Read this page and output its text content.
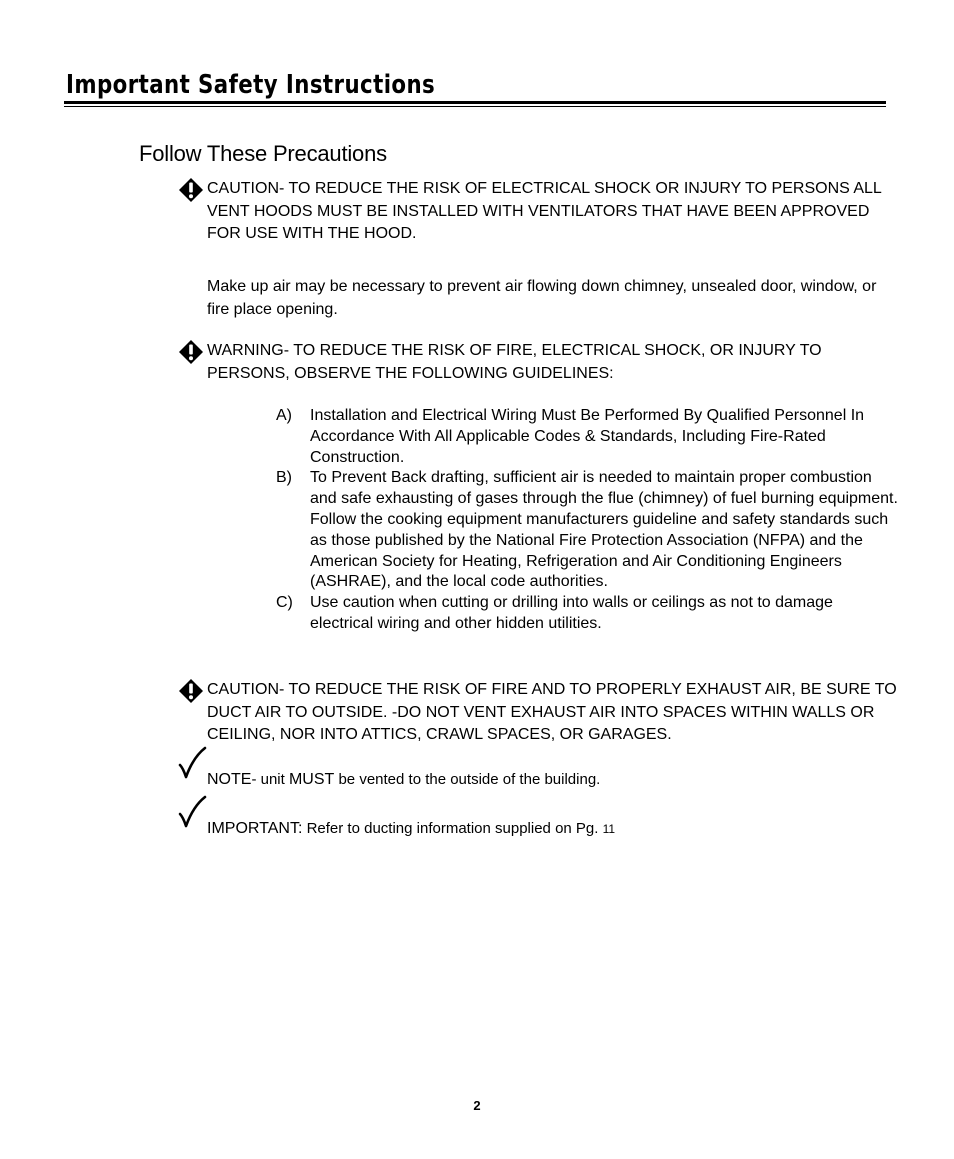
Important Safety Instructions
Follow These Precautions
CAUTION- TO REDUCE THE RISK OF ELECTRICAL SHOCK OR INJURY TO PERSONS ALL VENT HOODS MUST BE INSTALLED WITH VENTILATORS THAT HAVE BEEN APPROVED FOR USE WITH THE HOOD.
Make up air may be necessary to prevent air flowing down chimney, unsealed door, window, or fire place opening.
WARNING- TO REDUCE THE RISK OF FIRE, ELECTRICAL SHOCK, OR INJURY TO PERSONS, OBSERVE THE FOLLOWING GUIDELINES:
A) Installation and Electrical Wiring Must Be Performed By Qualified Personnel In Accordance With All Applicable Codes & Standards, Including Fire-Rated Construction.
B) To Prevent Back drafting, sufficient air is needed to maintain proper combustion and safe exhausting of gases through the flue (chimney) of fuel burning equipment. Follow the cooking equipment manufacturers guideline and safety standards such as those published by the National Fire Protection Association (NFPA) and the American Society for Heating, Refrigeration and Air Conditioning Engineers (ASHRAE), and the local code authorities.
C) Use caution when cutting or drilling into walls or ceilings as not to damage electrical wiring and other hidden utilities.
CAUTION- TO REDUCE THE RISK OF FIRE AND TO PROPERLY EXHAUST AIR, BE SURE TO DUCT AIR TO OUTSIDE. -DO NOT VENT EXHAUST AIR INTO SPACES WITHIN WALLS OR CEILING, NOR INTO ATTICS, CRAWL SPACES, OR GARAGES.
NOTE- unit MUST be vented to the outside of the building.
IMPORTANT: Refer to ducting information supplied on Pg. 11
2
